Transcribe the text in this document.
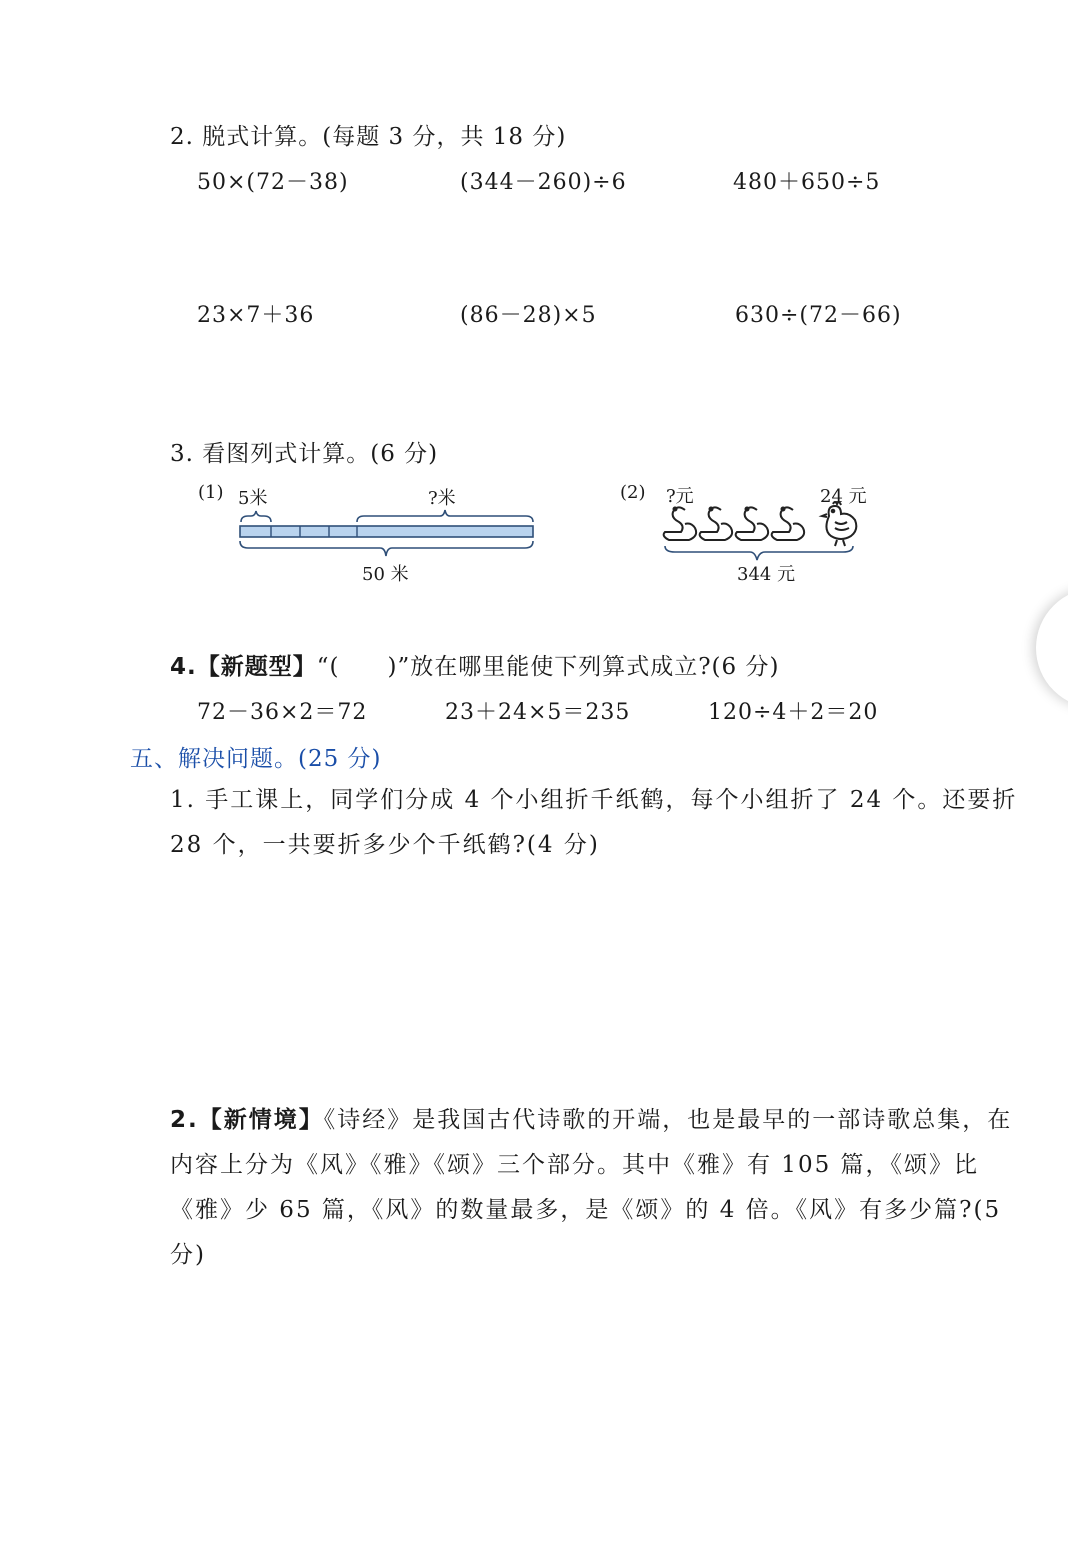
2. 脱式计算。(每题 3 分，共 18 分)
50×(72－38)	(344－260)÷6	480＋650÷5
23×7＋36	(86－28)×5	630÷(72－66)
3. 看图列式计算。(6 分)
(1) 5米	?米
50 米
(2) ?元	24 元
344 元
4.【新题型】“(　　)”放在哪里能使下列算式成立?(6 分)
72－36×2＝72	23＋24×5＝235	120÷4＋2＝20
五、解决问题。(25 分)
1. 手工课上，同学们分成 4 个小组折千纸鹤，每个小组折了 24 个。还要折 28 个，一共要折多少个千纸鹤?(4 分)
2.【新情境】《诗经》是我国古代诗歌的开端，也是最早的一部诗歌总集，在内容上分为《风》《雅》《颂》三个部分。其中《雅》有 105 篇，《颂》比《雅》少 65 篇，《风》的数量最多，是《颂》的 4 倍。《风》有多少篇?(5 分)
